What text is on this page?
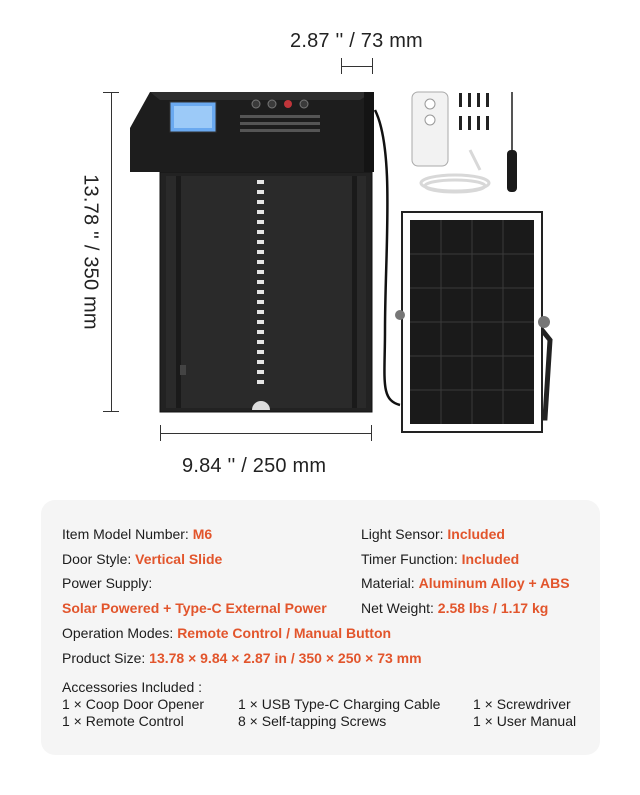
2.87 '' / 73 mm
13.78 '' / 350 mm
9.84 '' / 250 mm
Item Model Number: M6
Door Style: Vertical Slide
Power Supply:
Solar Powered + Type-C External Power
Operation Modes: Remote Control / Manual Button
Product Size: 13.78 × 9.84 × 2.87 in / 350 × 250 × 73 mm
Light Sensor: Included
Timer Function: Included
Material: Aluminum Alloy + ABS
Net Weight: 2.58 lbs / 1.17 kg
Accessories Included :
1 × Coop Door Opener 1 × USB Type-C Charging Cable 1 × Screwdriver
1 × Remote Control	8 × Self-tapping Screws	1 × User Manual
